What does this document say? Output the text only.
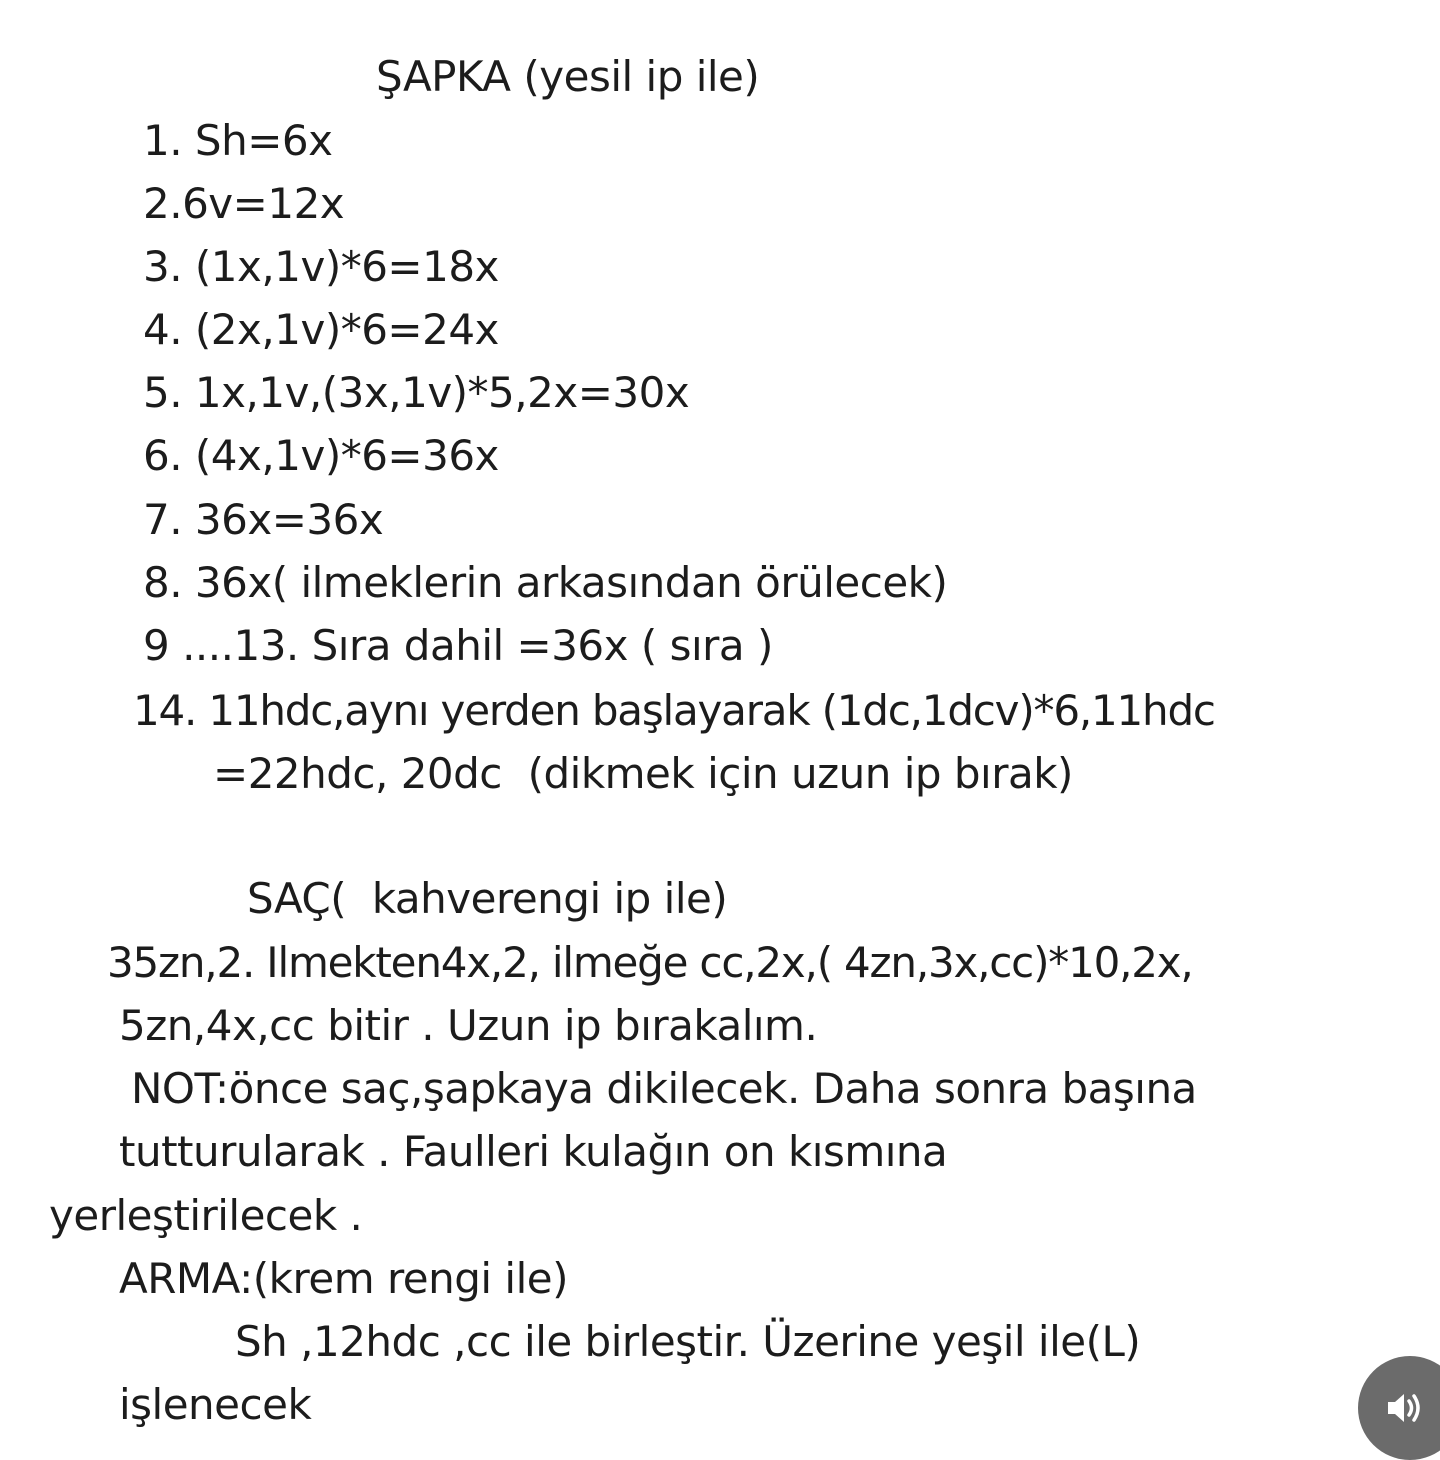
ŞAPKA (yesil ip ile)
1. Sh=6x
2.6v=12x
3. (1x,1v)*6=18x
4. (2x,1v)*6=24x
5. 1x,1v,(3x,1v)*5,2x=30x
6. (4x,1v)*6=36x
7. 36x=36x
8. 36x( ilmeklerin arkasından örülecek)
9 ....13. Sıra dahil =36x ( sıra )
14. 11hdc,aynı yerden başlayarak (1dc,1dcv)*6,11hdc
=22hdc, 20dc  (dikmek için uzun ip bırak)
SAÇ(  kahverengi ip ile)
35zn,2. Ilmekten4x,2, ilmeğe cc,2x,( 4zn,3x,cc)*10,2x,
5zn,4x,cc bitir . Uzun ip bırakalım.
NOT:önce saç,şapkaya dikilecek. Daha sonra başına
tutturularak . Faulleri kulağın on kısmına
yerleştirilecek .
ARMA:(krem rengi ile)
Sh ,12hdc ,cc ile birleştir. Üzerine yeşil ile(L)
işlenecek
